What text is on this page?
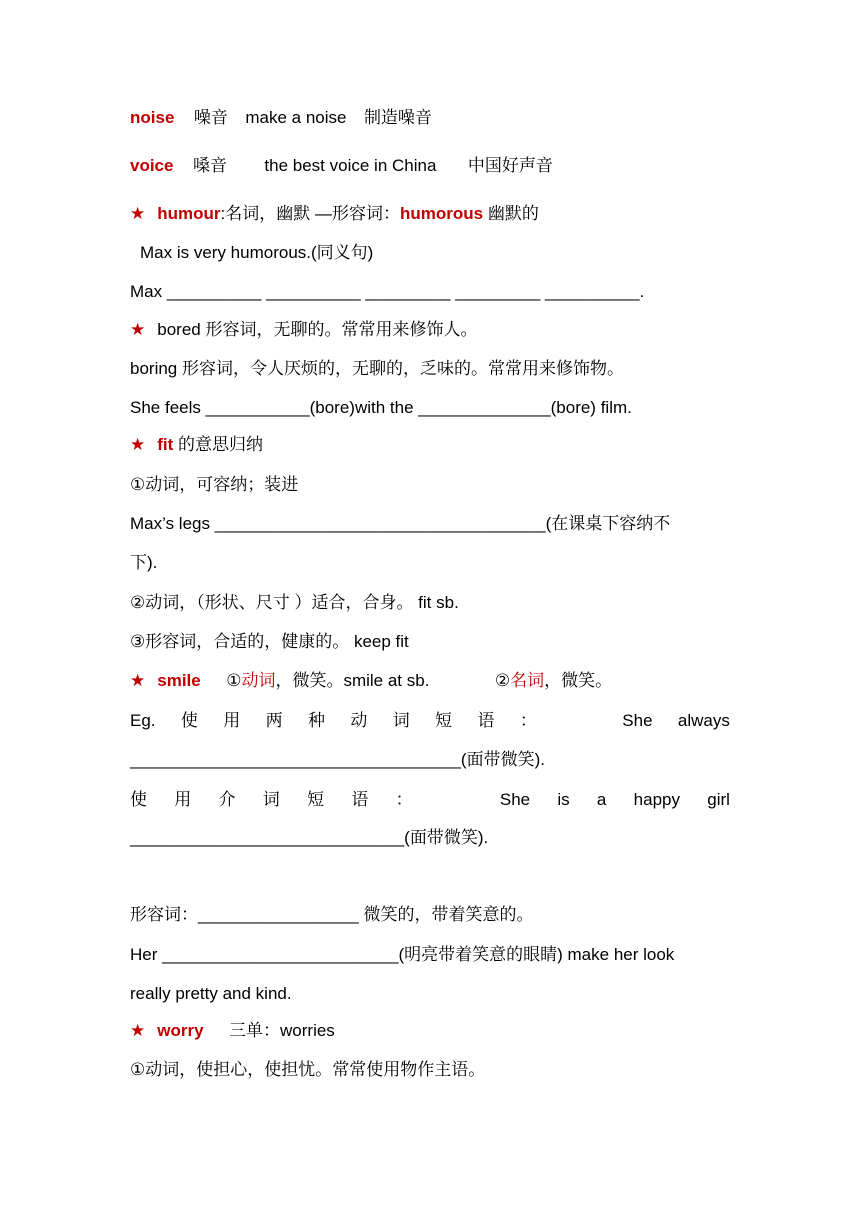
noise 噪音 make a noise 制造噪音
voice 嗓音 the best voice in China 中国好声音
★ humour:名词，幽默 —形容词：humorous 幽默的
Max is very humorous.(同义句)
Max __________ __________ _________ _________ __________.
★ bored 形容词，无聊的。常常用来修饰人。
boring 形容词，令人厌烦的，无聊的，乏味的。常常用来修饰物。
She feels ___________(bore)with the ______________(bore) film.
★ fit 的意思归纳
①动词，可容纳；装进
Max’s legs ___________________________________(在课桌下容纳不
下).
②动词，（形状、尺寸 ）适合，合身。 fit sb.
③形容词，合适的，健康的。 keep fit
★ smile ①动词，微笑。smile at sb.	②名词，微笑。
Eg. 使 用 两 种 动 词 短 语 ：	She always
___________________________________(面带微笑).
使 用 介 词 短 语 ：	She is a happy girl
_____________________________(面带微笑).
形容词：_________________ 微笑的，带着笑意的。
Her _________________________(明亮带着笑意的眼睛) make her look
really pretty and kind.
★ worry 三单：worries
①动词，使担心，使担忧。常常使用物作主语。
